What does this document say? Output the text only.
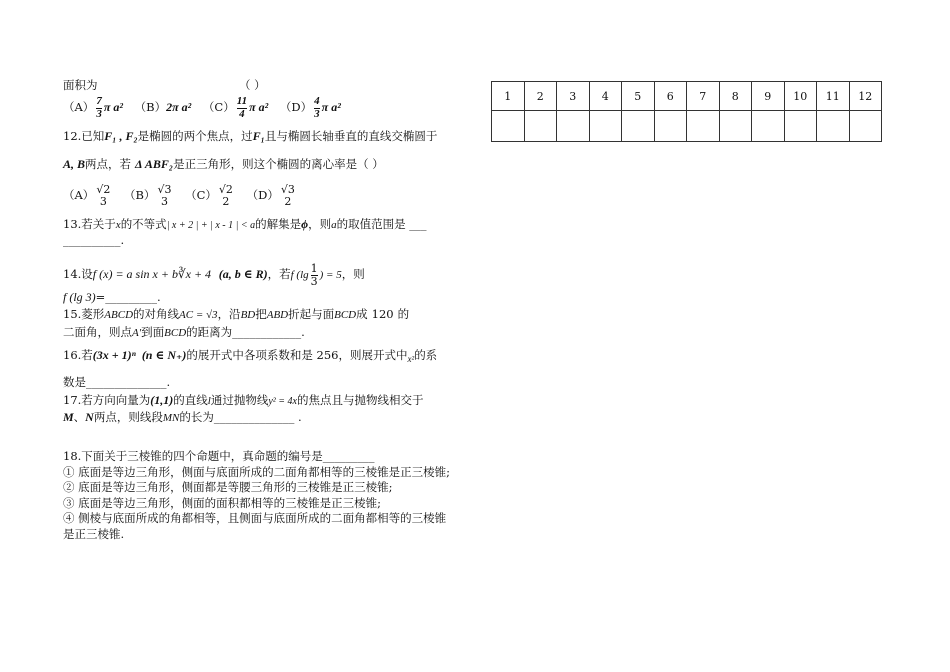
面积为	（ ）
$(A) \frac{7}{3}$ π a² （B）2π a² $(C) \frac{11}{4}$ π a² $(D) \frac{4}{3}$ π a²
12.已知F₁ , F₂是椭圆的两个焦点，过F₁且与椭圆长轴垂直的直线交椭圆于
A, B两点，若 Δ ABF₂是正三角形，则这个椭圆的离心率是（ ）
（A） √2
3	（B） √3
3	（C） √2
2	（D） √3
2
13.若关于x的不等式| x + 2 | + | x - 1 | < a的解集是ϕ，则a的取值范围是 ___
__________.
14.设f (x) = a sin x + b∛x + 4 (a, b ∈ R)，若f ($\lg \frac{1}{3}$ ) = 5，则
f (lg 3)=_________.
15.菱形ABCD的对角线AC = √3，沿BD把ABD折起与面BCD成 120 的
二面角，则点A′到面BCD的距离为____________.
16.若(3x + 1)ⁿ (n ∈ N₊)的展开式中各项系数和是 256，则展开式中$_{x^2}$的系
数是______________.
17.若方向向量为(1,1)的直线l通过抛物线y² = 4x的焦点且与抛物线相交于
M、N两点，则线段MN的长为______________ .
18.下面关于三棱锥的四个命题中，真命题的编号是_________
① 底面是等边三角形，侧面与底面所成的二面角都相等的三棱锥是正三棱锥;
② 底面是等边三角形，侧面都是等腰三角形的三棱锥是正三棱锥;
③ 底面是等边三角形，侧面的面积都相等的三棱锥是正三棱锥;
④ 侧棱与底面所成的角都相等，且侧面与底面所成的二面角都相等的三棱锥
是正三棱锥.
1	2	3	4	5	6	7	8	9	10	11	12
